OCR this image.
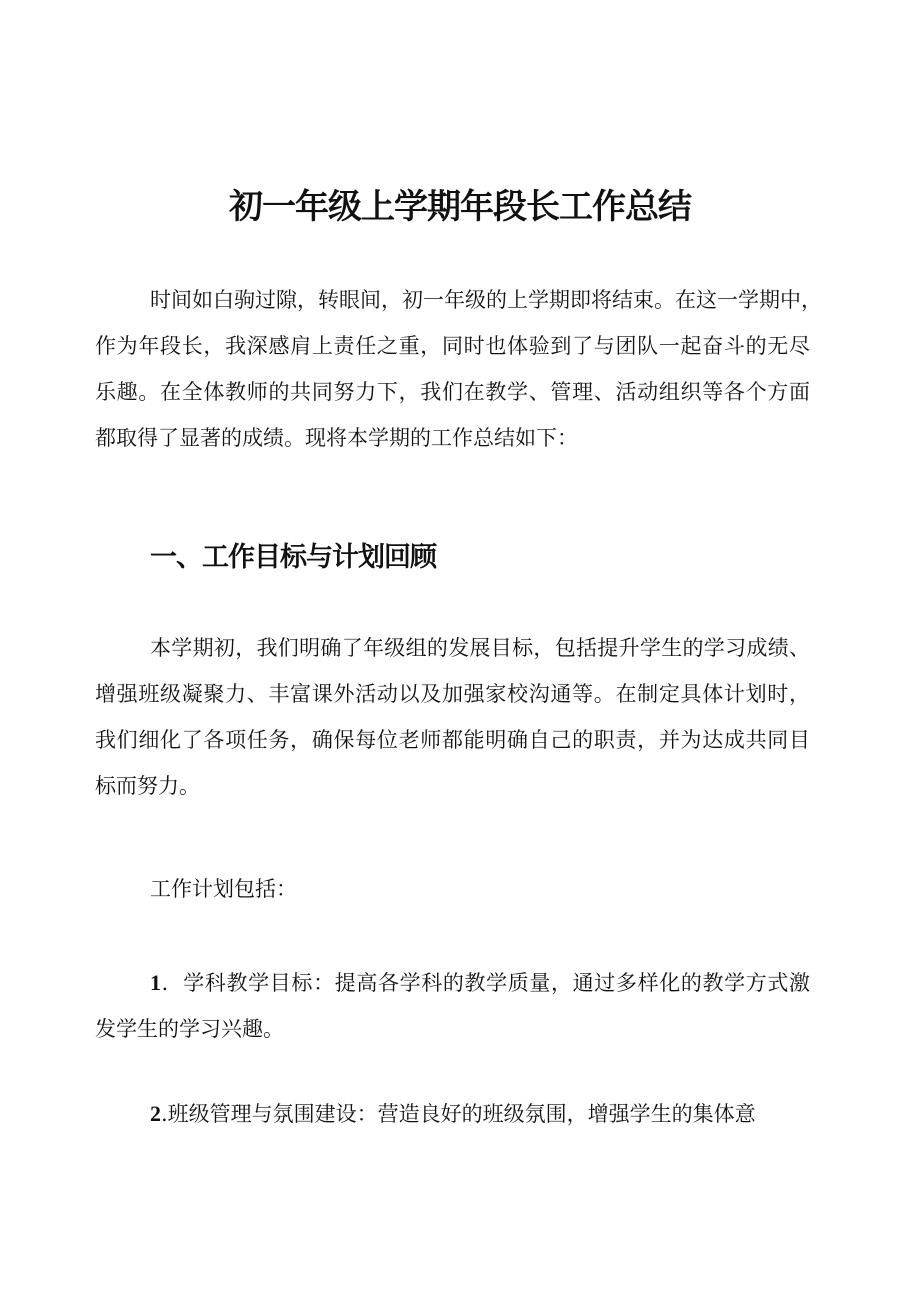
初一年级上学期年段长工作总结
时间如白驹过隙，转眼间，初一年级的上学期即将结束。在这一学期中，
作为年段长，我深感肩上责任之重，同时也体验到了与团队一起奋斗的无尽
乐趣。在全体教师的共同努力下，我们在教学、管理、活动组织等各个方面
都取得了显著的成绩。现将本学期的工作总结如下：
一、工作目标与计划回顾
本学期初，我们明确了年级组的发展目标，包括提升学生的学习成绩、
增强班级凝聚力、丰富课外活动以及加强家校沟通等。在制定具体计划时，
我们细化了各项任务，确保每位老师都能明确自己的职责，并为达成共同目
标而努力。
工作计划包括：
1．学科教学目标：提高各学科的教学质量，通过多样化的教学方式激
发学生的学习兴趣。
2.班级管理与氛围建设：营造良好的班级氛围，增强学生的集体意
